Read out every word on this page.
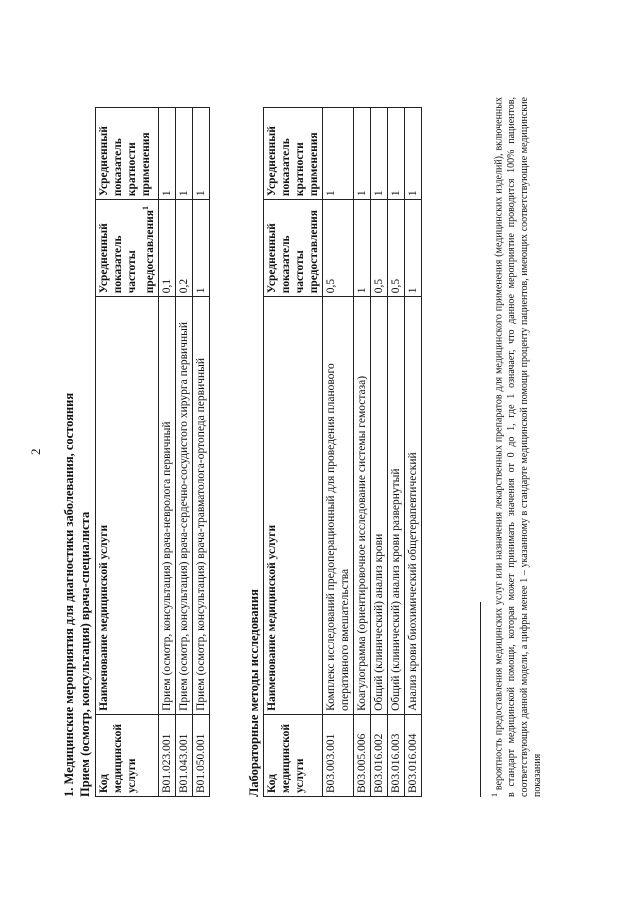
2 1. Медицинские мероприятия для диагностики заболевания, состояния Прием (осмотр, консультация) врача-специалиста Код медицинской услуги	Наименование медицинской услуги	Усредненный показатель частоты предоставления$^1$	Усредненный показатель кратности применения
B01.023.001	Прием (осмотр, консультация) врача-невролога первичный	0,1	1
B01.043.001	Прием (осмотр, консультация) врача-сердечно-сосудистого хирурга первичный	0,2	1
B01.050.001	Прием (осмотр, консультация) врача-травматолога-ортопеда первичный	1	1
Лабораторные методы исследования Код медицинской услуги	Наименование медицинской услуги	Усредненный показатель частоты предоставления	Усредненный показатель кратности применения
B03.003.001	Комплекс исследований предоперационный для проведения планового оперативного вмешательства	0,5	1
B03.005.006	Коагулограмма (ориентировочное исследование системы гемостаза)	1	1
B03.016.002	Общий (клинический) анализ крови	0,5	1
B03.016.003	Общий (клинический) анализ крови развернутый	0,5	1
B03.016.004	Анализ крови биохимический общетерапевтический	1	1
$^1$ вероятность предоставления медицинских услуг или назначения лекарственных препаратов для медицинского применения (медицинских изделий), включенных в стандарт медицинской помощи, которая может принимать значения от 0 до 1, где 1 означает, что данное мероприятие проводится 100% пациентов, соответствующих данной модели, а цифры менее 1 – указанному в стандарте медицинской помощи проценту пациентов, имеющих соответствующие медицинские показания
